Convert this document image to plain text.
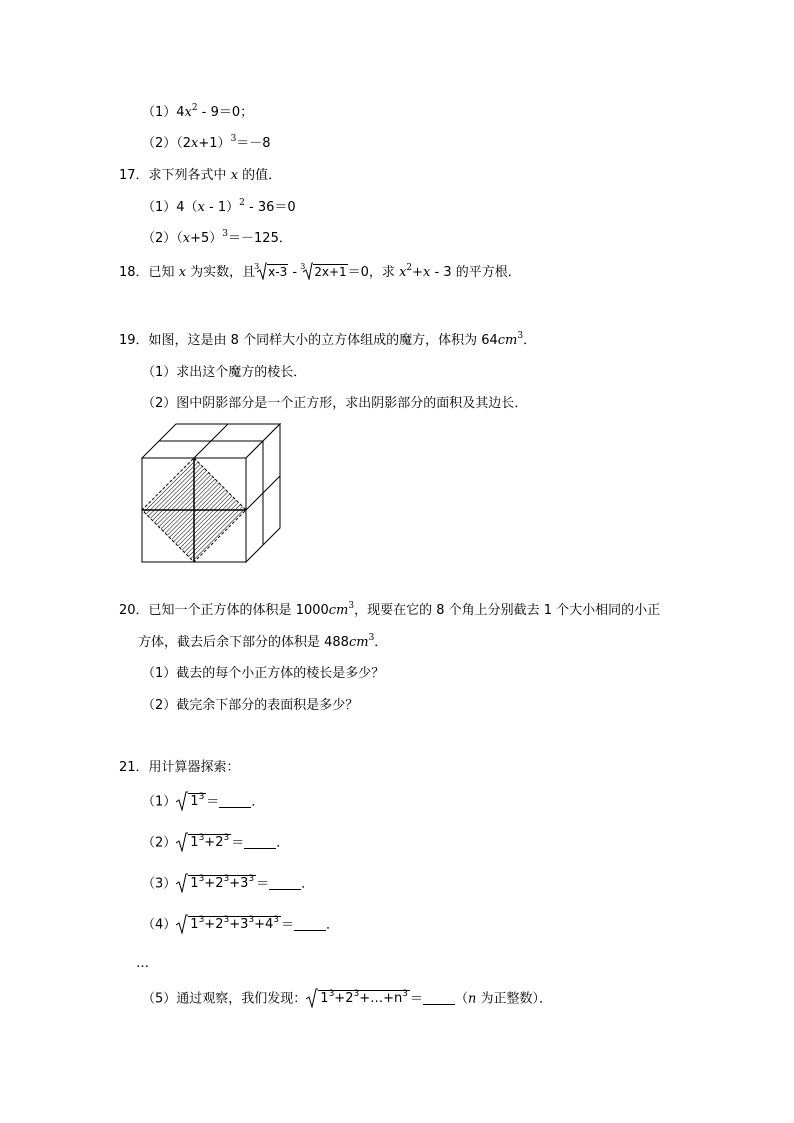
$(1)4x^2 - 9=0$；
$(2)(2x+1)^3=-8$
17．求下列各式中 x 的值．
（1）4（x - 1）$^2$ - 36＝0
$(2)(x+5)^3=-125$．
18．已知 x 为实数，且 3 x-3 - 3 2x+1＝0，求 $x^2+x - 3$ 的平方根．
19．如图，这是由 8 个同样大小的立方体组成的魔方，体积为 $64cm^3$．
（1）求出这个魔方的棱长．
（2）图中阴影部分是一个正方形，求出阴影部分的面积及其边长．
20．已知一个正方体的体积是 $1000cm^3$，现要在它的 8 个角上分别截去 1 个大小相同的小正
方体，截去后余下部分的体积是 $488cm^3$．
（1）截去的每个小正方体的棱长是多少？
（2）截完余下部分的表面积是多少？
21．用计算器探索：
（1） $1^3$ ＝ ．
（2） $1^3+2^3$ ＝ ．
（3） $1^3+2^3+3^3$ ＝ ．
（4） $1^3+2^3+3^3+4^3$ ＝ ．
…
（5）通过观察，我们发现： $1^3+2^3+\dots+n^3 = (n$ 为正整数）．
